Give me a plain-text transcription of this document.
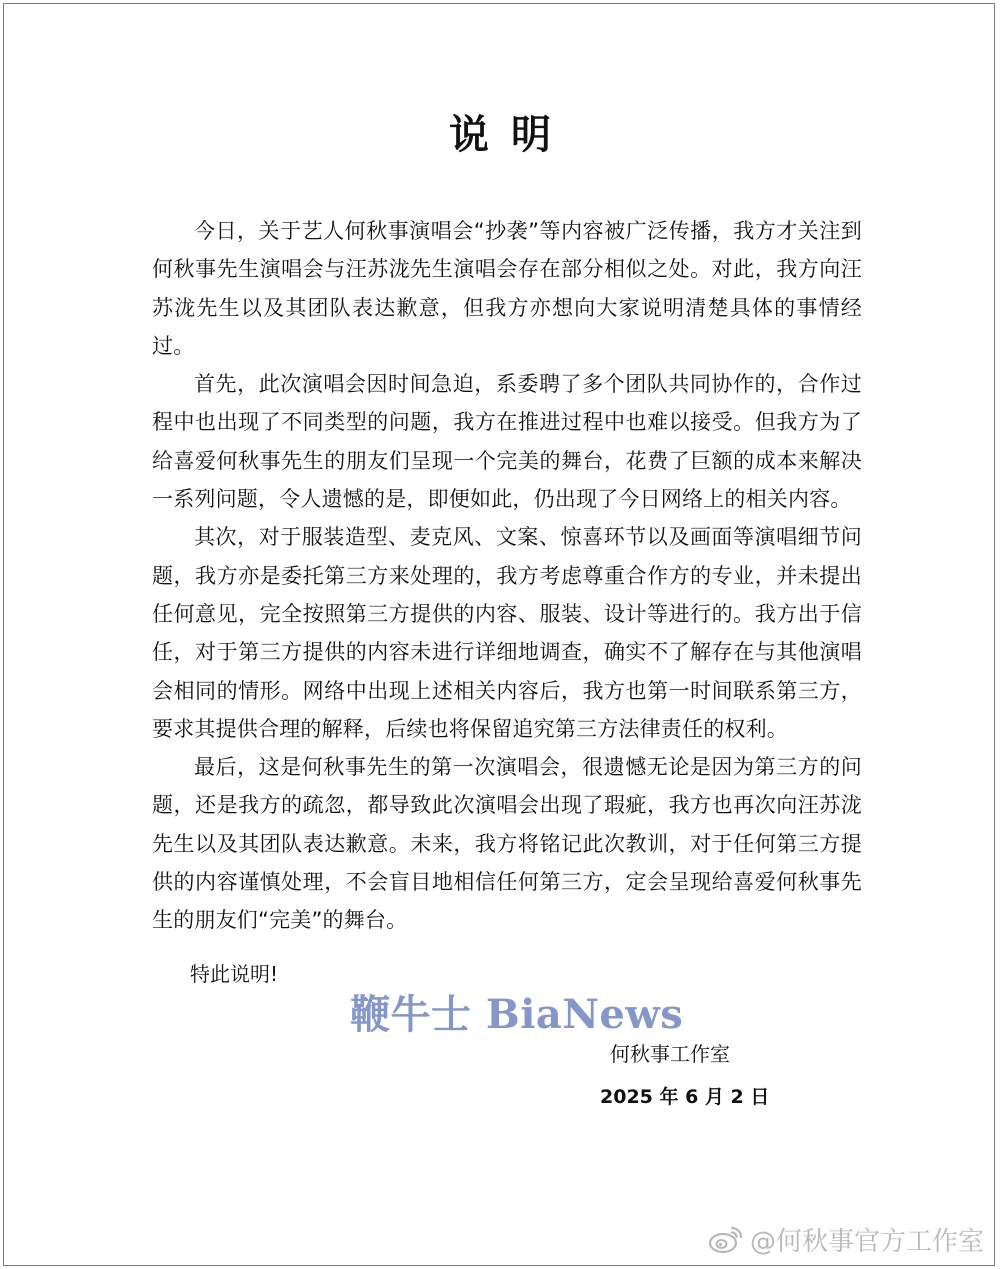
说明

今日，关于艺人何秋事演唱会“抄袭”等内容被广泛传播，我方才关注到何秋事先生演唱会与汪苏泷先生演唱会存在部分相似之处。对此，我方向汪苏泷先生以及其团队表达歉意，但我方亦想向大家说明清楚具体的事情经过。

首先，此次演唱会因时间急迫，系委聘了多个团队共同协作的，合作过程中也出现了不同类型的问题，我方在推进过程中也难以接受。但我方为了给喜爱何秋事先生的朋友们呈现一个完美的舞台，花费了巨额的成本来解决一系列问题，令人遗憾的是，即便如此，仍出现了今日网络上的相关内容。

其次，对于服装造型、麦克风、文案、惊喜环节以及画面等演唱细节问题，我方亦是委托第三方来处理的，我方考虑尊重合作方的专业，并未提出任何意见，完全按照第三方提供的内容、服装、设计等进行的。我方出于信任，对于第三方提供的内容未进行详细地调查，确实不了解存在与其他演唱会相同的情形。网络中出现上述相关内容后，我方也第一时间联系第三方，要求其提供合理的解释，后续也将保留追究第三方法律责任的权利。

最后，这是何秋事先生的第一次演唱会，很遗憾无论是因为第三方的问题，还是我方的疏忽，都导致此次演唱会出现了瑕疵，我方也再次向汪苏泷先生以及其团队表达歉意。未来，我方将铭记此次教训，对于任何第三方提供的内容谨慎处理，不会盲目地相信任何第三方，定会呈现给喜爱何秋事先生的朋友们“完美”的舞台。

特此说明!
鞭牛士 BiaNews
何秋事工作室
2025 年 6 月 2 日
@何秋事官方工作室
